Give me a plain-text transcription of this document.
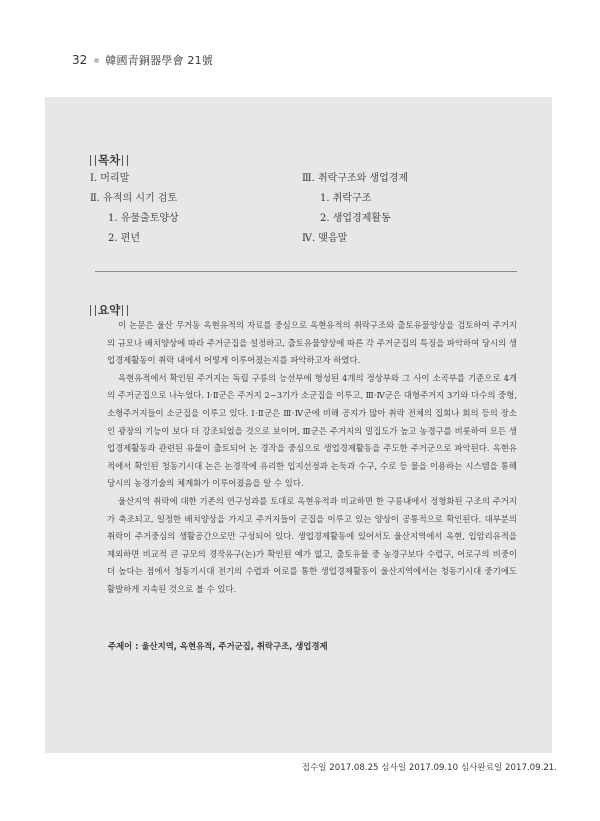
32 韓國靑銅器學會 21號
목차
Ⅰ. 머리말
Ⅱ. 유적의 시기 검토
1. 유물출토양상
2. 편년
Ⅲ. 취락구조와 생업경제
1. 취락구조
2. 생업경제활동
Ⅳ. 맺음말
요약

이 논문은 울산 무거동 옥현유적의 자료를 중심으로 옥현유적의 취락구조와 출토유물양상을 검토하여 주거지의 규모나 배치양상에 따라 주거군집을 설정하고, 출토유물양상에 따른 각 주거군집의 특징을 파악하여 당시의 생업경제활동이 취락 내에서 어떻게 이루어졌는지를 파악하고자 하였다.

옥현유적에서 확인된 주거지는 독립 구릉의 능선부에 형성된 4개의 정상부와 그 사이 소곡부를 기준으로 4개의 주거군집으로 나누었다. Ⅰ·Ⅱ군은 주거지 2~3기가 소군집을 이루고, Ⅲ·Ⅳ군은 대형주거지 3기와 다수의 중형, 소형주거지들이 소군집을 이루고 있다. Ⅰ·Ⅱ군은 Ⅲ·Ⅳ군에 비해 공지가 많아 취락 전체의 집회나 회의 등의 장소인 광장의 기능이 보다 더 강조되었을 것으로 보이며, Ⅲ군은 주거지의 밀집도가 높고 농경구를 비롯하여 모든 생업경제활동과 관련된 유물이 출토되어 논 경작을 중심으로 생업경제활동을 주도한 주거군으로 파악된다. 옥현유적에서 확인된 청동기시대 논은 논경작에 유리한 입지선정과 논둑과 수구, 수로 등 물을 이용하는 시스템을 통해 당시의 농경기술의 체계화가 이루어졌음을 알 수 있다.

울산지역 취락에 대한 기존의 연구성과를 토대로 옥현유적과 비교하면 한 구릉내에서 정형화된 구조의 주거지가 축조되고, 일정한 배치양상을 가지고 주거지들이 군집을 이루고 있는 양상이 공통적으로 확인된다. 대부분의 취락이 주거중심의 생활공간으로만 구성되어 있다. 생업경제활동에 있어서도 울산지역에서 옥현, 입암리유적을 제외하면 비교적 큰 규모의 경작유구(논)가 확인된 예가 없고, 출토유물 중 농경구보다 수렵구, 어로구의 비중이 더 높다는 점에서 청동기시대 전기의 수렵과 어로를 통한 생업경제활동이 울산지역에서는 청동기시대 중기에도 활발하게 지속된 것으로 볼 수 있다.

주제어 : 울산지역, 옥현유적, 주거군집, 취락구조, 생업경제
접수일 2017.08.25 심사일 2017.09.10 심사완료일 2017.09.21.
